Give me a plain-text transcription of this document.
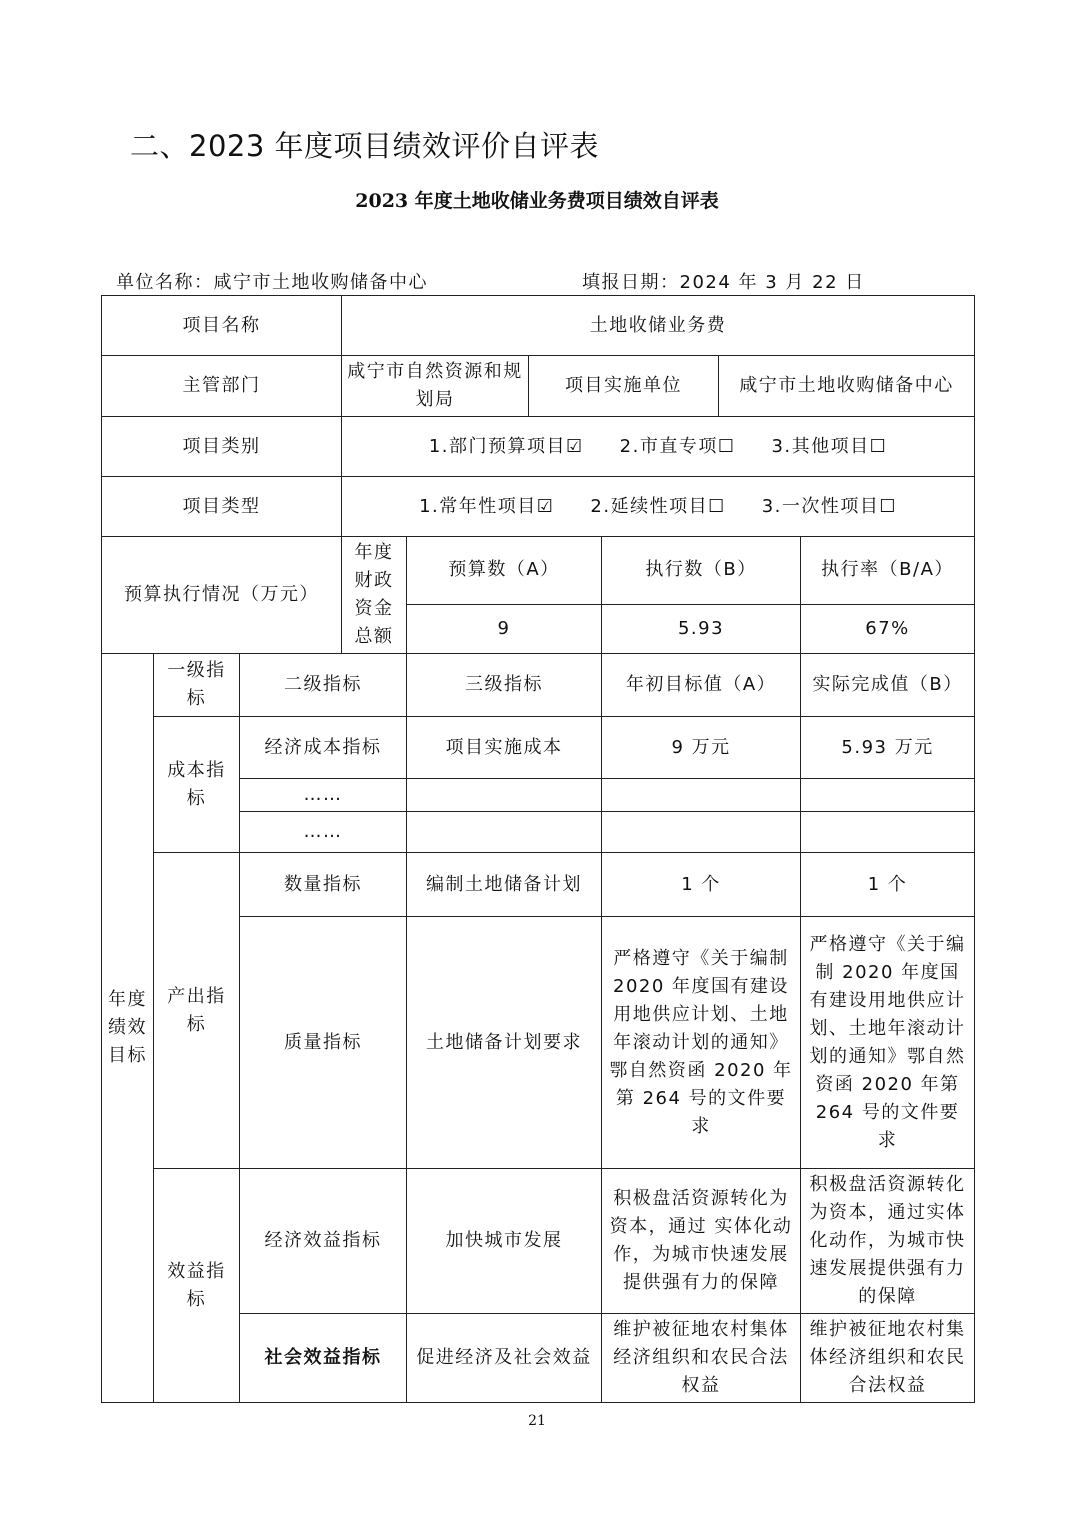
二、2023 年度项目绩效评价自评表
2023 年度土地收储业务费项目绩效自评表
单位名称：咸宁市土地收购储备中心	填报日期：2024 年 3 月 22 日
项目名称			土地收储业务费					
主管部门			咸宁市自然资源和规划局		项目实施单位		咸宁市土地收购储备中心	
项目类别			1.部门预算项目☑ 2.市直专项☐ 3.其他项目☐					
项目类型			1.常年性项目☑ 2.延续性项目☐ 3.一次性项目☐					
预算执行情况（万元）			年度财政资金总额	预算数（A）		执行数（B）		执行率（B/A）
				9		5.93		67%
年度绩效目标	一级指标	二级指标		三级指标		年初目标值（A）		实际完成值（B）
	成本指标	经济成本指标		项目实施成本		9 万元		5.93 万元
		……						
		……						
	产出指标	数量指标		编制土地储备计划		1 个		1 个
		质量指标		土地储备计划要求		严格遵守《关于编制 2020 年度国有建设用地供应计划、土地年滚动计划的通知》鄂自然资函 2020 年第 264 号的文件要求		严格遵守《关于编制 2020 年度国有建设用地供应计划、土地年滚动计划的通知》鄂自然资函 2020 年第 264 号的文件要求
	效益指标	经济效益指标		加快城市发展		积极盘活资源转化为资本，通过 实体化动作，为城市快速发展提供强有力的保障		积极盘活资源转化为资本，通过实体化动作，为城市快速发展提供强有力的保障
		社会效益指标		促进经济及社会效益		维护被征地农村集体经济组织和农民合法权益		维护被征地农村集体经济组织和农民合法权益
21
